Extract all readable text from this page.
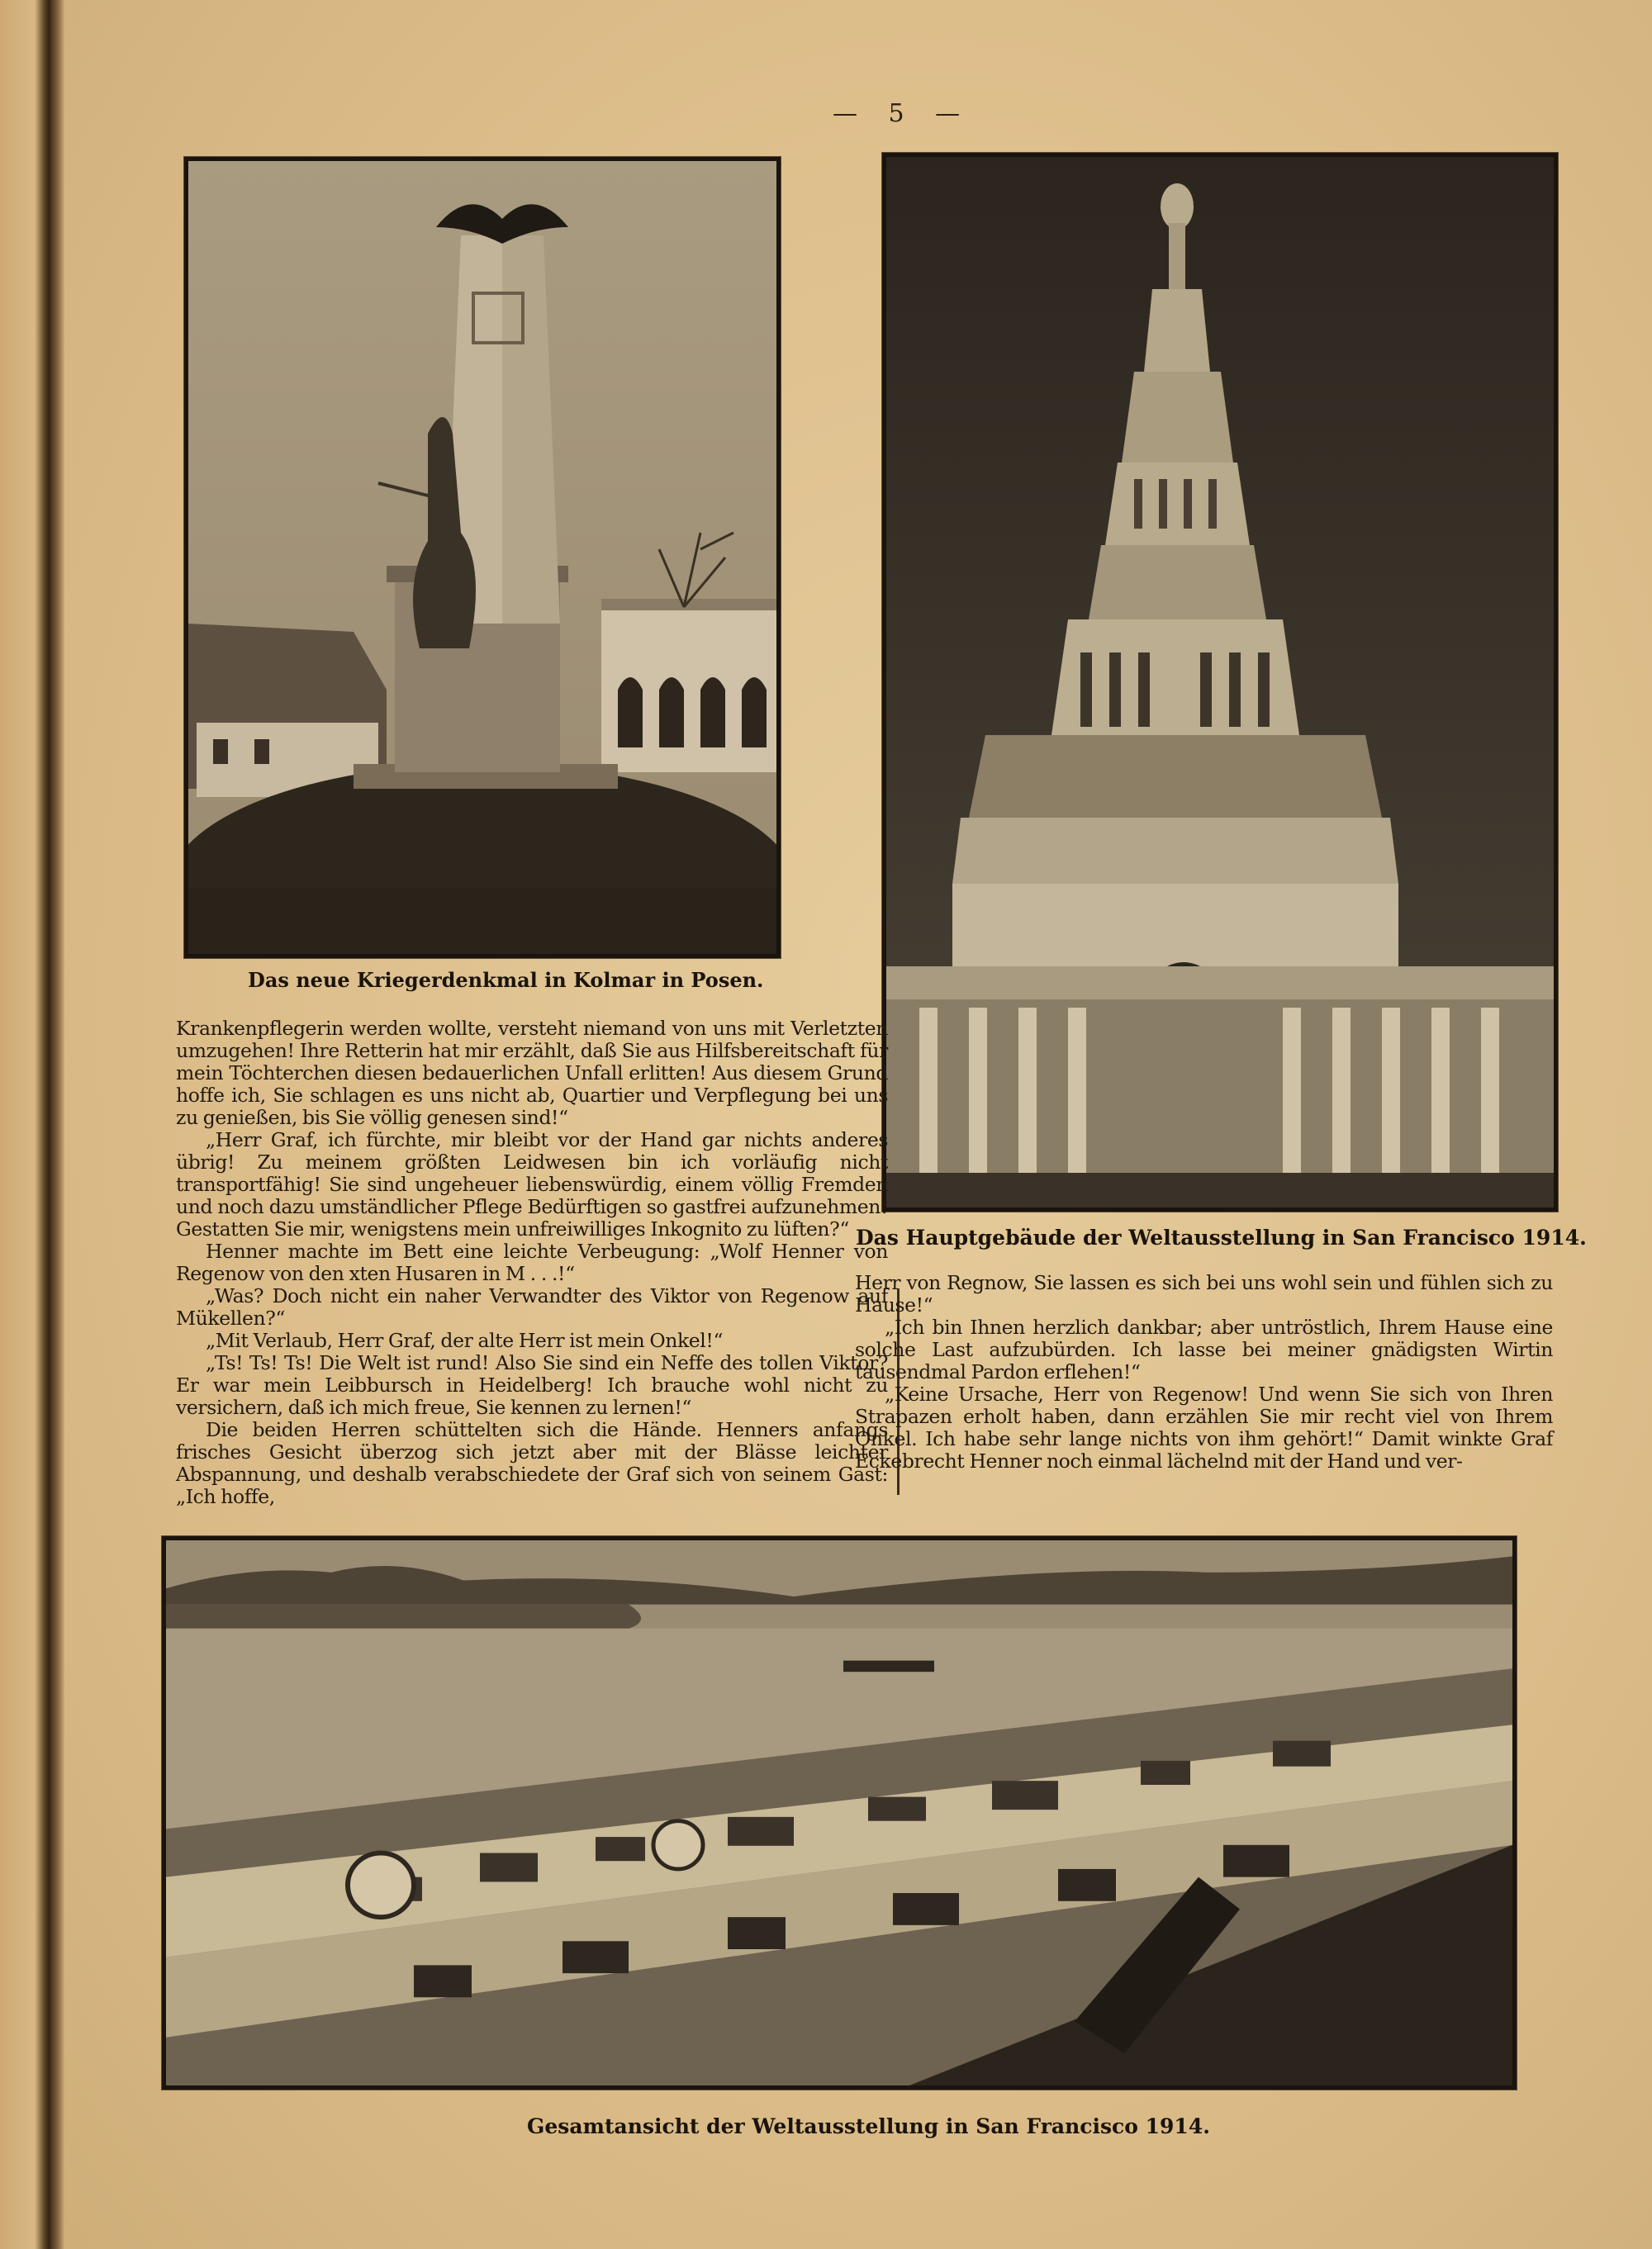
— 5 —
Das neue Kriegerdenkmal in Kolmar in Posen.
Das Hauptgebäude der Weltausstellung in San Francisco 1914.

Krankenpflegerin werden wollte, versteht niemand von uns mit Verletzten umzugehen! Ihre Retterin hat mir erzählt, daß Sie aus Hilfsbereitschaft für mein Töchterchen diesen bedauerlichen Unfall erlitten! Aus diesem Grund hoffe ich, Sie schlagen es uns nicht ab, Quartier und Verpflegung bei uns zu genießen, bis Sie völlig genesen sind!“

„Herr Graf, ich fürchte, mir bleibt vor der Hand gar nichts anderes übrig! Zu meinem größten Leidwesen bin ich vorläufig nicht transportfähig! Sie sind ungeheuer liebenswürdig, einem völlig Fremden und noch dazu umständlicher Pflege Bedürftigen so gastfrei aufzunehmen! Gestatten Sie mir, wenigstens mein unfreiwilliges Inkognito zu lüften?“

Henner machte im Bett eine leichte Verbeugung: „Wolf Henner von Regenow von den xten Husaren in M . . .!“

„Was? Doch nicht ein naher Verwandter des Viktor von Regenow auf Mükellen?“

„Mit Verlaub, Herr Graf, der alte Herr ist mein Onkel!“

„Ts! Ts! Ts! Die Welt ist rund! Also Sie sind ein Neffe des tollen Viktor? Er war mein Leibbursch in Heidelberg! Ich brauche wohl nicht zu versichern, daß ich mich freue, Sie kennen zu lernen!“

Die beiden Herren schüttelten sich die Hände. Henners anfangs frisches Gesicht überzog sich jetzt aber mit der Blässe leichter Abspannung, und deshalb verabschiedete der Graf sich von seinem Gast: „Ich hoffe,

Herr von Regnow, Sie lassen es sich bei uns wohl sein und fühlen sich zu Hause!“

„Ich bin Ihnen herzlich dankbar; aber untröstlich, Ihrem Hause eine solche Last aufzubürden. Ich lasse bei meiner gnädigsten Wirtin tausendmal Pardon erflehen!“

„Keine Ursache, Herr von Regenow! Und wenn Sie sich von Ihren Strapazen erholt haben, dann erzählen Sie mir recht viel von Ihrem Onkel. Ich habe sehr lange nichts von ihm gehört!“ Damit winkte Graf Eckebrecht Henner noch einmal lächelnd mit der Hand und ver-

Gesamtansicht der Weltausstellung in San Francisco 1914.
